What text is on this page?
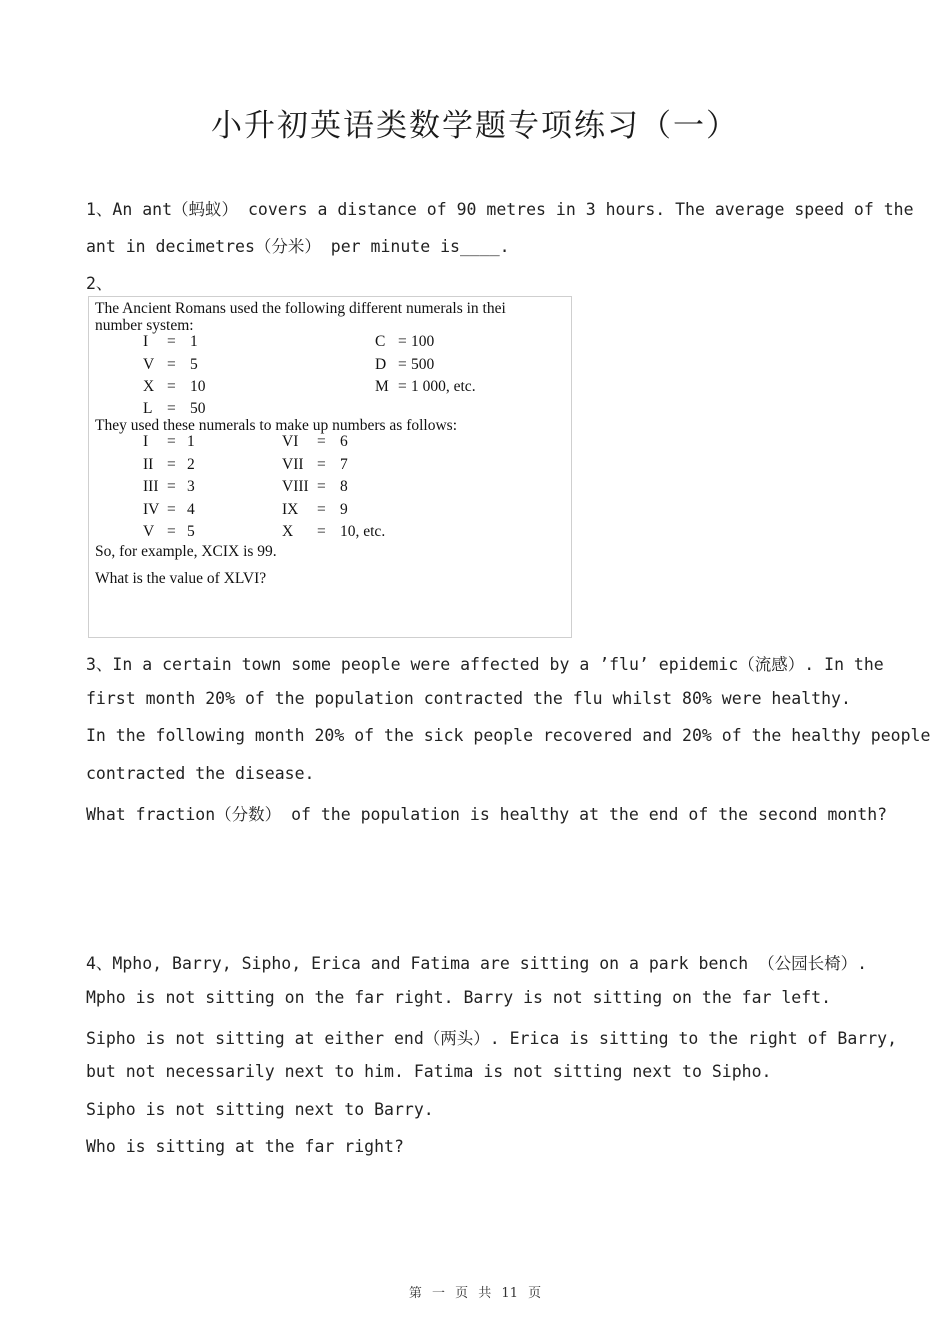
小升初英语类数学题专项练习（一）
1、An ant（蚂蚁） covers a distance of 90 metres in 3 hours. The average speed of the
ant in decimetres（分米） per minute is____.
2、
The Ancient Romans used the following different numerals in thei
number system:
I = 1
V = 5
X = 10
L = 50
C = 100
D = 500
M = 1 000, etc.
They used these numerals to make up numbers as follows:
I = 1
II = 2
III = 3
IV = 4
V = 5
VI = 6
VII = 7
VIII = 8
IX = 9
X = 10, etc.
So, for example, XCIX is 99.
What is the value of XLVI?
3、In a certain town some people were affected by a ’flu’ epidemic（流感）. In the
first month 20% of the population contracted the flu whilst 80% were healthy.
In the following month 20% of the sick people recovered and 20% of the healthy people
contracted the disease.
What fraction（分数） of the population is healthy at the end of the second month?
4、Mpho, Barry, Sipho, Erica and Fatima are sitting on a park bench （公园长椅）.
Mpho is not sitting on the far right. Barry is not sitting on the far left.
Sipho is not sitting at either end（两头）. Erica is sitting to the right of Barry,
but not necessarily next to him. Fatima is not sitting next to Sipho.
Sipho is not sitting next to Barry.
Who is sitting at the far right?
第 一 页 共 11 页
